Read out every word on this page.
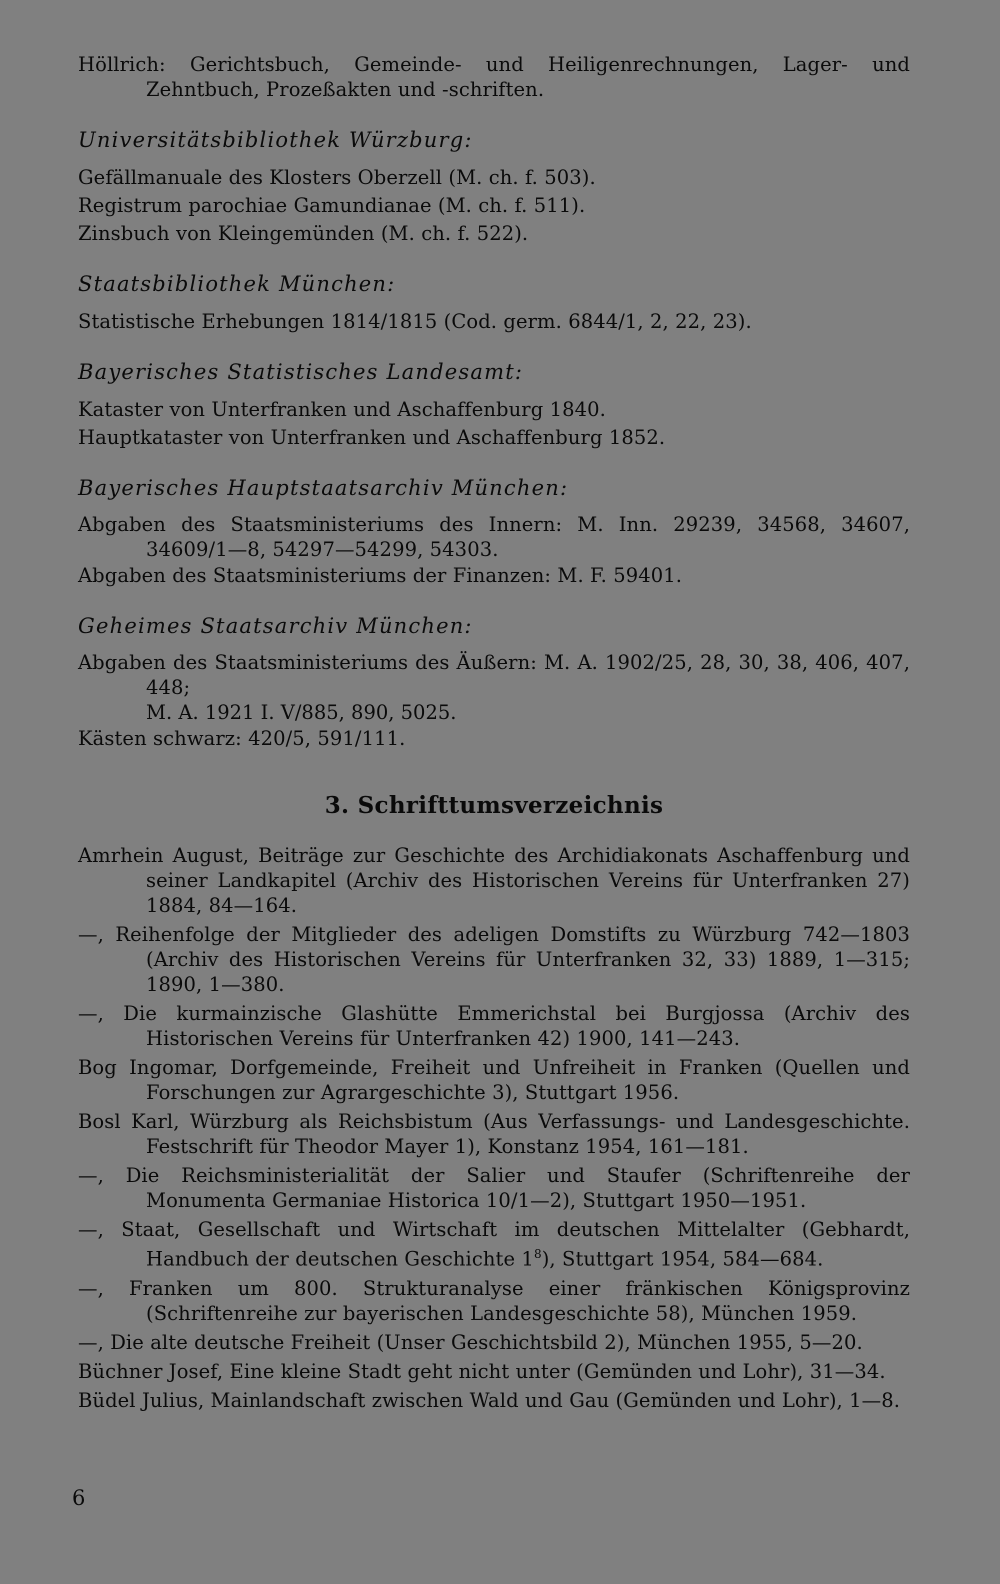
Höllrich: Gerichtsbuch, Gemeinde- und Heiligenrechnungen, Lager- und Zehntbuch, Prozeßakten und -schriften.
Universitätsbibliothek Würzburg:
Gefällmanuale des Klosters Oberzell (M. ch. f. 503).
Registrum parochiae Gamundianae (M. ch. f. 511).
Zinsbuch von Kleingemünden (M. ch. f. 522).
Staatsbibliothek München:
Statistische Erhebungen 1814/1815 (Cod. germ. 6844/1, 2, 22, 23).
Bayerisches Statistisches Landesamt:
Kataster von Unterfranken und Aschaffenburg 1840.
Hauptkataster von Unterfranken und Aschaffenburg 1852.
Bayerisches Hauptstaatsarchiv München:
Abgaben des Staatsministeriums des Innern: M. Inn. 29239, 34568, 34607, 34609/1—8, 54297—54299, 54303.
Abgaben des Staatsministeriums der Finanzen: M. F. 59401.
Geheimes Staatsarchiv München:
Abgaben des Staatsministeriums des Äußern: M. A. 1902/25, 28, 30, 38, 406, 407, 448;
M. A. 1921 I. V/885, 890, 5025.
Kästen schwarz: 420/5, 591/111.
3. Schrifttumsverzeichnis
Amrhein August, Beiträge zur Geschichte des Archidiakonats Aschaffenburg und seiner Landkapitel (Archiv des Historischen Vereins für Unterfranken 27) 1884, 84—164.
—, Reihenfolge der Mitglieder des adeligen Domstifts zu Würzburg 742—1803 (Archiv des Historischen Vereins für Unterfranken 32, 33) 1889, 1—315; 1890, 1—380.
—, Die kurmainzische Glashütte Emmerichstal bei Burgjossa (Archiv des Historischen Vereins für Unterfranken 42) 1900, 141—243.
Bog Ingomar, Dorfgemeinde, Freiheit und Unfreiheit in Franken (Quellen und Forschungen zur Agrargeschichte 3), Stuttgart 1956.
Bosl Karl, Würzburg als Reichsbistum (Aus Verfassungs- und Landesgeschichte. Festschrift für Theodor Mayer 1), Konstanz 1954, 161—181.
—, Die Reichsministerialität der Salier und Staufer (Schriftenreihe der Monumenta Germaniae Historica 10/1—2), Stuttgart 1950—1951.
—, Staat, Gesellschaft und Wirtschaft im deutschen Mittelalter (Gebhardt, Handbuch der deutschen Geschichte $1^8$), Stuttgart 1954, 584—684.
—, Franken um 800. Strukturanalyse einer fränkischen Königsprovinz (Schriftenreihe zur bayerischen Landesgeschichte 58), München 1959.
—, Die alte deutsche Freiheit (Unser Geschichtsbild 2), München 1955, 5—20.
Büchner Josef, Eine kleine Stadt geht nicht unter (Gemünden und Lohr), 31—34.
Büdel Julius, Mainlandschaft zwischen Wald und Gau (Gemünden und Lohr), 1—8.
6
